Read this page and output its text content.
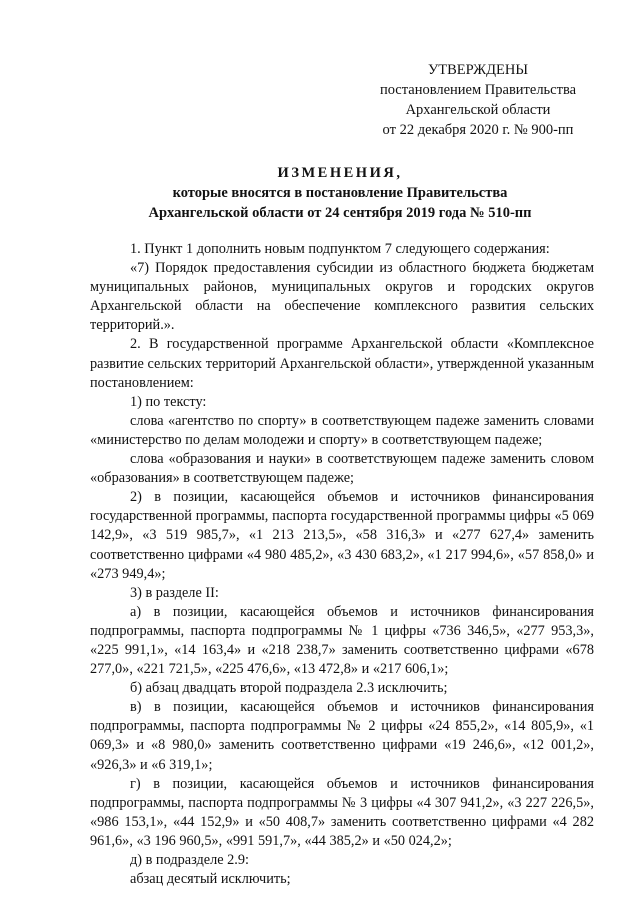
УТВЕРЖДЕНЫ
постановлением Правительства
Архангельской области
от 22 декабря 2020 г. № 900-пп
ИЗМЕНЕНИЯ,
которые вносятся в постановление Правительства
Архангельской области от 24 сентября 2019 года № 510-пп

1. Пункт 1 дополнить новым подпунктом 7 следующего содержания:

«7) Порядок предоставления субсидии из областного бюджета бюджетам муниципальных районов, муниципальных округов и городских округов Архангельской области на обеспечение комплексного развития сельских территорий.».

2. В государственной программе Архангельской области «Комплексное развитие сельских территорий Архангельской области», утвержденной указанным постановлением:

1) по тексту:

слова «агентство по спорту» в соответствующем падеже заменить словами «министерство по делам молодежи и спорту» в соответствующем падеже;

слова «образования и науки» в соответствующем падеже заменить словом «образования» в соответствующем падеже;

2) в позиции, касающейся объемов и источников финансирования государственной программы, паспорта государственной программы цифры «5 069 142,9», «3 519 985,7», «1 213 213,5», «58 316,3» и «277 627,4» заменить соответственно цифрами «4 980 485,2», «3 430 683,2», «1 217 994,6», «57 858,0» и «273 949,4»;

3) в разделе II:

а) в позиции, касающейся объемов и источников финансирования подпрограммы, паспорта подпрограммы № 1 цифры «736 346,5», «277 953,3», «225 991,1», «14 163,4» и «218 238,7» заменить соответственно цифрами «678 277,0», «221 721,5», «225 476,6», «13 472,8» и «217 606,1»;

б) абзац двадцать второй подраздела 2.3 исключить;

в) в позиции, касающейся объемов и источников финансирования подпрограммы, паспорта подпрограммы № 2 цифры «24 855,2», «14 805,9», «1 069,3» и «8 980,0» заменить соответственно цифрами «19 246,6», «12 001,2», «926,3» и «6 319,1»;

г) в позиции, касающейся объемов и источников финансирования подпрограммы, паспорта подпрограммы № 3 цифры «4 307 941,2», «3 227 226,5», «986 153,1», «44 152,9» и «50 408,7» заменить соответственно цифрами «4 282 961,6», «3 196 960,5», «991 591,7», «44 385,2» и «50 024,2»;

д) в подразделе 2.9:

абзац десятый исключить;
